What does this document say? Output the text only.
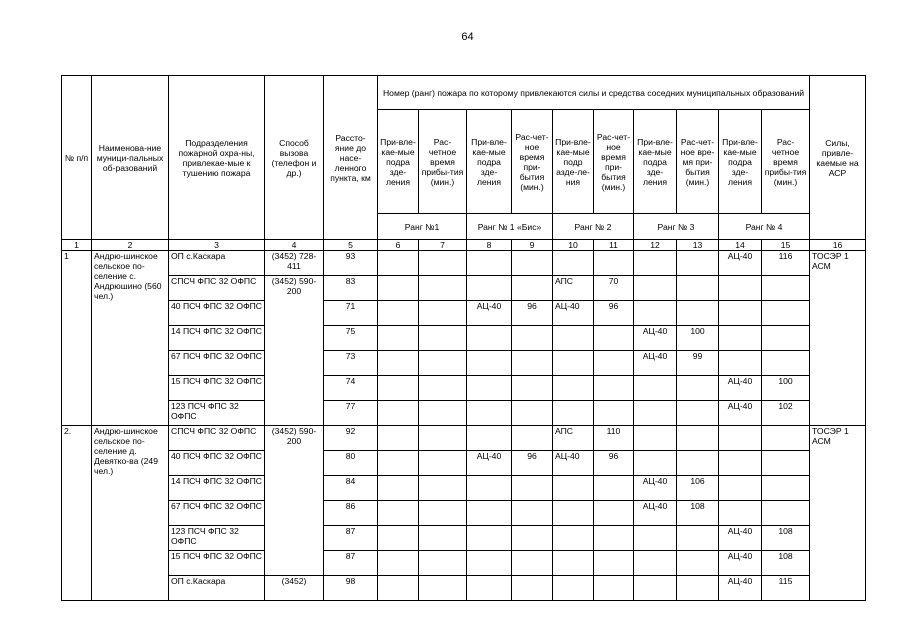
64
№ п/п	Наименова-ние муници-пальных об-разований	Подразделения пожарной охра-ны, привлекае-мые к тушению пожара	Способ вызова (телефон и др.)	Рассто-яние до насе-ленного пункта, км	Номер (ранг) пожара по которому привлекаются силы и средства соседних муниципальных образований										Силы, привле-каемые на АСР
					При-вле-кае-мые подра зде-ления	Рас-четное время прибы-тия (мин.)	При-вле-кае-мые подра зде-ления	Рас-чет-ное время при-бытия (мин.)	При-вле-кае-мые подр азде-ле-ния	Рас-чет-ное время при-бытия (мин.)	При-вле-кае-мые подра зде-ления	Рас-чет-ное вре-мя при-бытия (мин.)	При-вле-кае-мые подра зде-ления	Рас-четное время прибы-тия (мин.)	
					Ранг №1		Ранг № 1 «Бис»		Ранг № 2		Ранг № 3		Ранг № 4		
1	2	3	4	5	6	7	8	9	10	11	12	13	14	15	16
1	Андрю-шинское сельское по-селение с. Андрюшино (560 чел.)	ОП с.Каскара	(3452) 728-411	93									АЦ-40	116	ТОСЭР 1 АСМ
		СПСЧ ФПС 32 ОФПС	(3452) 590-200	83					АПС	70					
		40 ПСЧ ФПС 32 ОФПС		71			АЦ-40	96	АЦ-40	96					
		14 ПСЧ ФПС 32 ОФПС		75							АЦ-40	100			
		67 ПСЧ ФПС 32 ОФПС		73							АЦ-40	99			
		15 ПСЧ ФПС 32 ОФПС		74									АЦ-40	100	
		123 ПСЧ ФПС 32 ОФПС		77									АЦ-40	102	
2.	Андрю-шинское сельское по-селение д. Девятко-ва (249 чел.)	СПСЧ ФПС 32 ОФПС	(3452) 590-200	92					АПС	110					ТОСЭР 1 АСМ
		40 ПСЧ ФПС 32 ОФПС		80			АЦ-40	96	АЦ-40	96					
		14 ПСЧ ФПС 32 ОФПС		84							АЦ-40	106			
		67 ПСЧ ФПС 32 ОФПС		86							АЦ-40	108			
		123 ПСЧ ФПС 32 ОФПС		87									АЦ-40	108	
		15 ПСЧ ФПС 32 ОФПС		87									АЦ-40	108	
		ОП с.Каскара	(3452)	98									АЦ-40	115	
